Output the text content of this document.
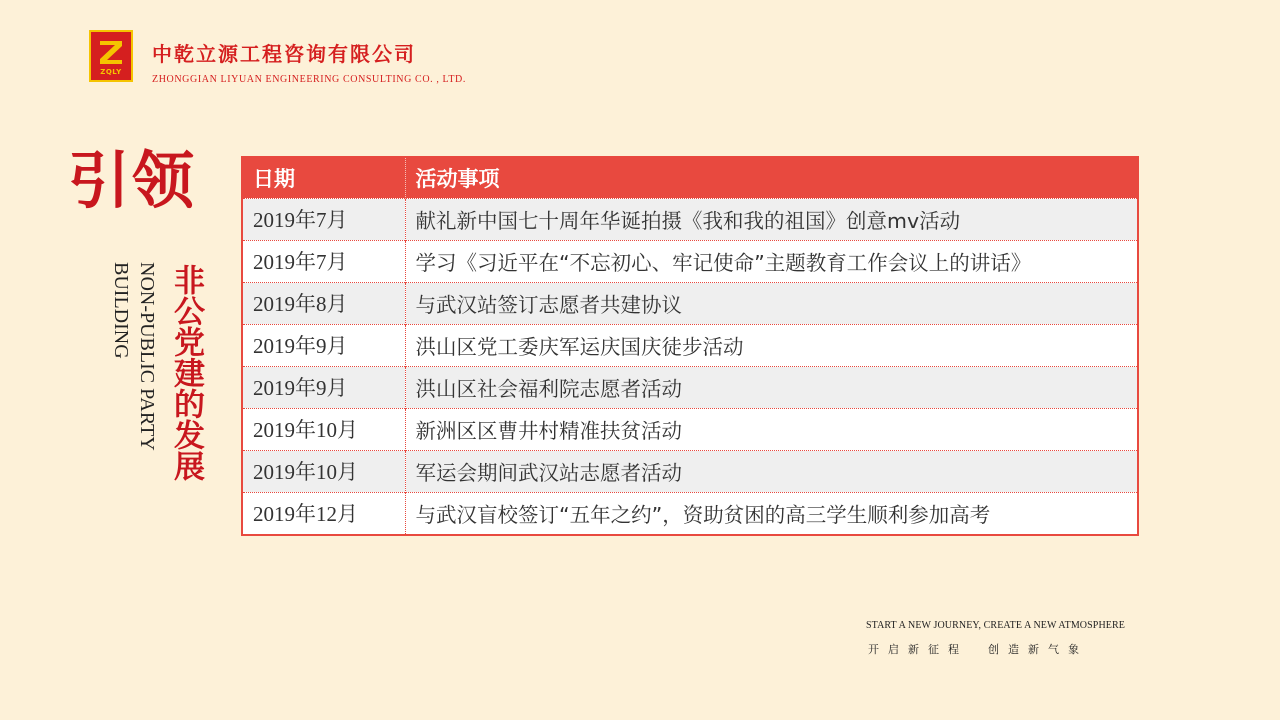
ZQLY
中乾立源工程咨询有限公司
ZHONGGIAN LIYUAN ENGINEERING CONSULTING CO. , LTD.
引领
非公党建的发展
NON-PUBLIC PARTY BUILDING
日期	活动事项
2019年7月	献礼新中国七十周年华诞拍摄《我和我的祖国》创意mv活动
2019年7月	学习《习近平在“不忘初心、牢记使命”主题教育工作会议上的讲话》
2019年8月	与武汉站签订志愿者共建协议
2019年9月	洪山区党工委庆军运庆国庆徒步活动
2019年9月	洪山区社会福利院志愿者活动
2019年10月	新洲区区曹井村精准扶贫活动
2019年10月	军运会期间武汉站志愿者活动
2019年12月	与武汉盲校签订“五年之约”，资助贫困的高三学生顺利参加高考
START A NEW JOURNEY, CREATE A NEW ATMOSPHERE
开启新征程　创造新气象
